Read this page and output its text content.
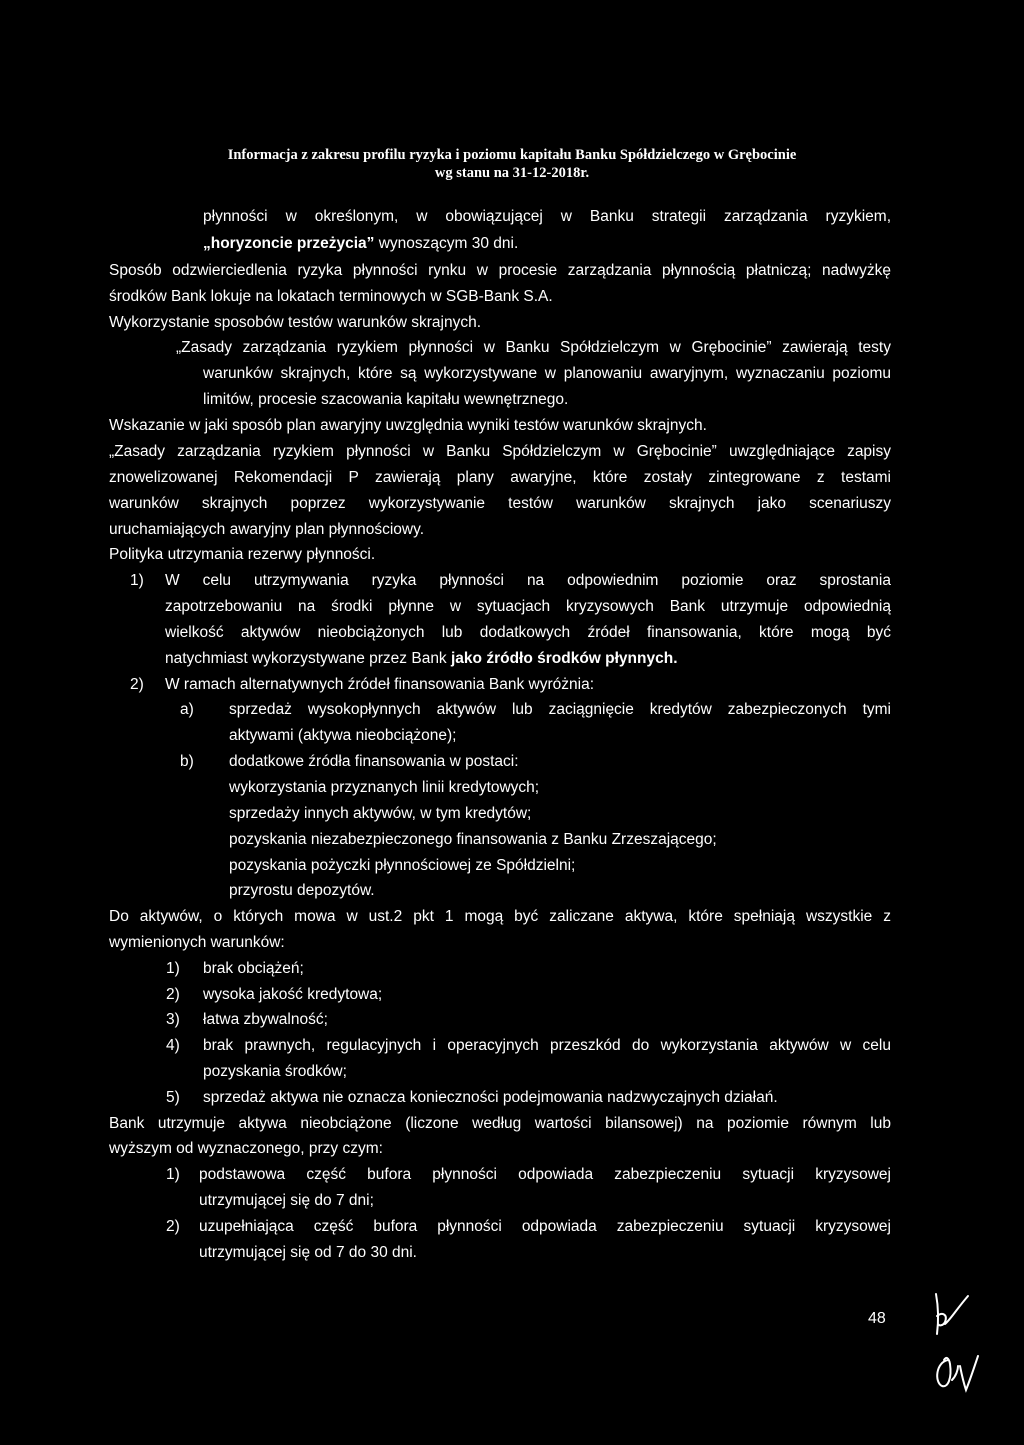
Informacja z zakresu profilu ryzyka i poziomu kapitału Banku Spółdzielczego w Grębocinie
wg stanu na 31-12-2018r.
płynności w określonym, w obowiązującej w Banku strategii zarządzania ryzykiem,
„horyzoncie przeżycia” wynoszącym 30 dni.
Sposób odzwierciedlenia ryzyka płynności rynku w procesie zarządzania płynnością płatniczą; nadwyżkę
środków Bank lokuje na lokatach terminowych w SGB-Bank S.A.
Wykorzystanie sposobów testów warunków skrajnych.
„Zasady zarządzania ryzykiem płynności w Banku Spółdzielczym w Grębocinie” zawierają testy
warunków skrajnych, które są wykorzystywane w planowaniu awaryjnym, wyznaczaniu poziomu
limitów, procesie szacowania kapitału wewnętrznego.
Wskazanie w jaki sposób plan awaryjny uwzględnia wyniki testów warunków skrajnych.
„Zasady zarządzania ryzykiem płynności w Banku Spółdzielczym w Grębocinie” uwzględniające zapisy
znowelizowanej Rekomendacji P zawierają plany awaryjne, które zostały zintegrowane z testami
warunków skrajnych poprzez wykorzystywanie testów warunków skrajnych jako scenariuszy
uruchamiających awaryjny plan płynnościowy.
Polityka utrzymania rezerwy płynności.
1) W celu utrzymywania ryzyka płynności na odpowiednim poziomie oraz sprostania
zapotrzebowaniu na środki płynne w sytuacjach kryzysowych Bank utrzymuje odpowiednią
wielkość aktywów nieobciążonych lub dodatkowych źródeł finansowania, które mogą być
natychmiast wykorzystywane przez Bank jako źródło środków płynnych.
2) W ramach alternatywnych źródeł finansowania Bank wyróżnia:
a) sprzedaż wysokopłynnych aktywów lub zaciągnięcie kredytów zabezpieczonych tymi
aktywami (aktywa nieobciążone);
b) dodatkowe źródła finansowania w postaci:
wykorzystania przyznanych linii kredytowych;
sprzedaży innych aktywów, w tym kredytów;
pozyskania niezabezpieczonego finansowania z Banku Zrzeszającego;
pozyskania pożyczki płynnościowej ze Spółdzielni;
przyrostu depozytów.
Do aktywów, o których mowa w ust.2 pkt 1 mogą być zaliczane aktywa, które spełniają wszystkie z
wymienionych warunków:
1) brak obciążeń;
2) wysoka jakość kredytowa;
3) łatwa zbywalność;
4) brak prawnych, regulacyjnych i operacyjnych przeszkód do wykorzystania aktywów w celu
pozyskania środków;
5) sprzedaż aktywa nie oznacza konieczności podejmowania nadzwyczajnych działań.
Bank utrzymuje aktywa nieobciążone (liczone według wartości bilansowej) na poziomie równym lub
wyższym od wyznaczonego, przy czym:
1) podstawowa część bufora płynności odpowiada zabezpieczeniu sytuacji kryzysowej
utrzymującej się do 7 dni;
2) uzupełniająca część bufora płynności odpowiada zabezpieczeniu sytuacji kryzysowej
utrzymującej się od 7 do 30 dni.
48
